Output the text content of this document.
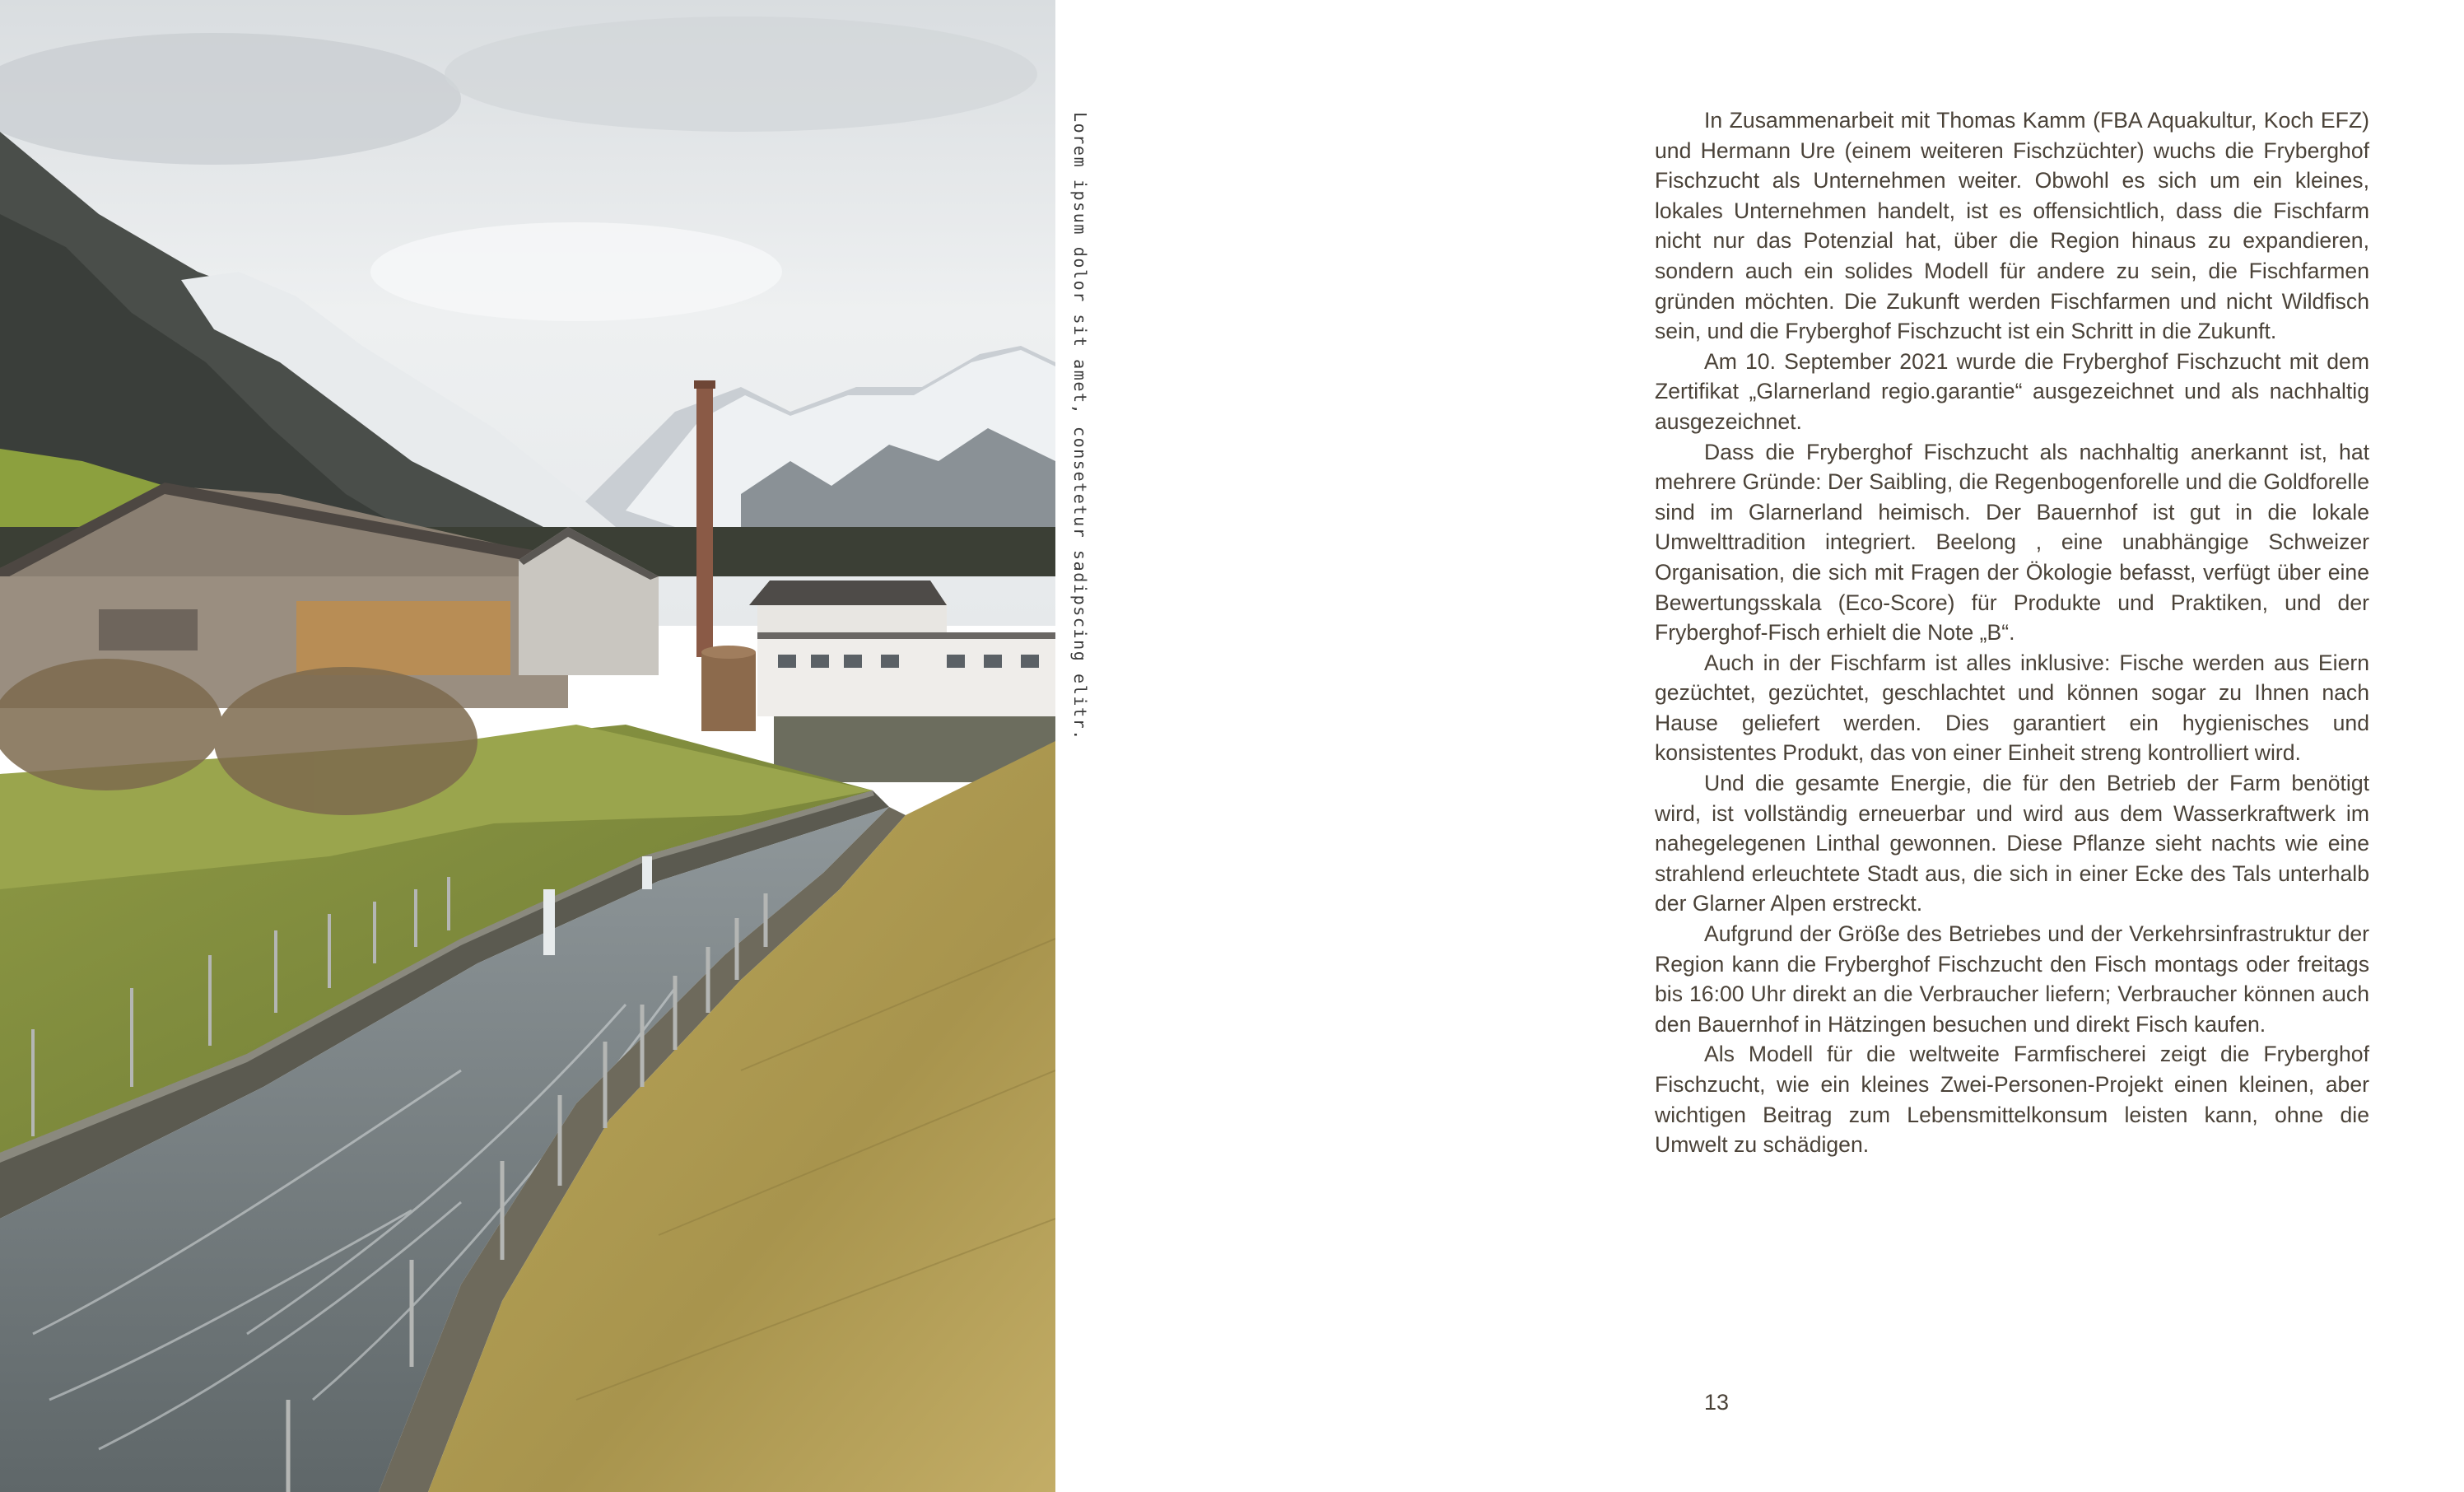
Lorem ipsum dolor sit amet, consetetur sadipscing elitr.	In Zusammenarbeit mit Thomas Kamm (FBA Aquakultur, Koch EFZ) und Hermann Ure (einem weiteren Fischzüchter) wuchs die Fryberghof Fischzucht als Unternehmen weiter. Obwohl es sich um ein kleines, lokales Unternehmen handelt, ist es offensichtlich, dass die Fischfarm nicht nur das Potenzial hat, über die Region hinaus zu expandieren, sondern auch ein solides Modell für andere zu sein, die Fischfarmen gründen möchten. Die Zukunft werden Fischfarmen und nicht Wildfisch sein, und die Fryberghof Fischzucht ist ein Schritt in die Zukunft.

Am 10. September 2021 wurde die Fryberghof Fischzucht mit dem Zertifikat „Glarnerland regio.garantie“ ausgezeichnet und als nachhaltig ausgezeichnet.

Dass die Fryberghof Fischzucht als nachhaltig anerkannt ist, hat mehrere Gründe: Der Saibling, die Regenbogenforelle und die Goldforelle sind im Glarnerland heimisch. Der Bauernhof ist gut in die lokale Umwelttradition integriert. Beelong , eine unabhängige Schweizer Organisation, die sich mit Fragen der Ökologie befasst, verfügt über eine Bewertungsskala (Eco-Score) für Produkte und Praktiken, und der Fryberghof-Fisch erhielt die Note „B“.

Auch in der Fischfarm ist alles inklusive: Fische werden aus Eiern gezüchtet, gezüchtet, geschlachtet und können sogar zu Ihnen nach Hause geliefert werden. Dies garantiert ein hygienisches und konsistentes Produkt, das von einer Einheit streng kontrolliert wird.

Und die gesamte Energie, die für den Betrieb der Farm benötigt wird, ist vollständig erneuerbar und wird aus dem Wasserkraftwerk im nahegelegenen Linthal gewonnen. Diese Pflanze sieht nachts wie eine strahlend erleuchtete Stadt aus, die sich in einer Ecke des Tals unterhalb der Glarner Alpen erstreckt.

Aufgrund der Größe des Betriebes und der Verkehrsinfrastruktur der Region kann die Fryberghof Fischzucht den Fisch montags oder freitags bis 16:00 Uhr direkt an die Verbraucher liefern; Verbraucher können auch den Bauernhof in Hätzingen besuchen und direkt Fisch kaufen.

Als Modell für die weltweite Farmfischerei zeigt die Fryberghof Fischzucht, wie ein kleines Zwei-Personen-Projekt einen kleinen, aber wichtigen Beitrag zum Lebensmittelkonsum leisten kann, ohne die Umwelt zu schädigen.

13
